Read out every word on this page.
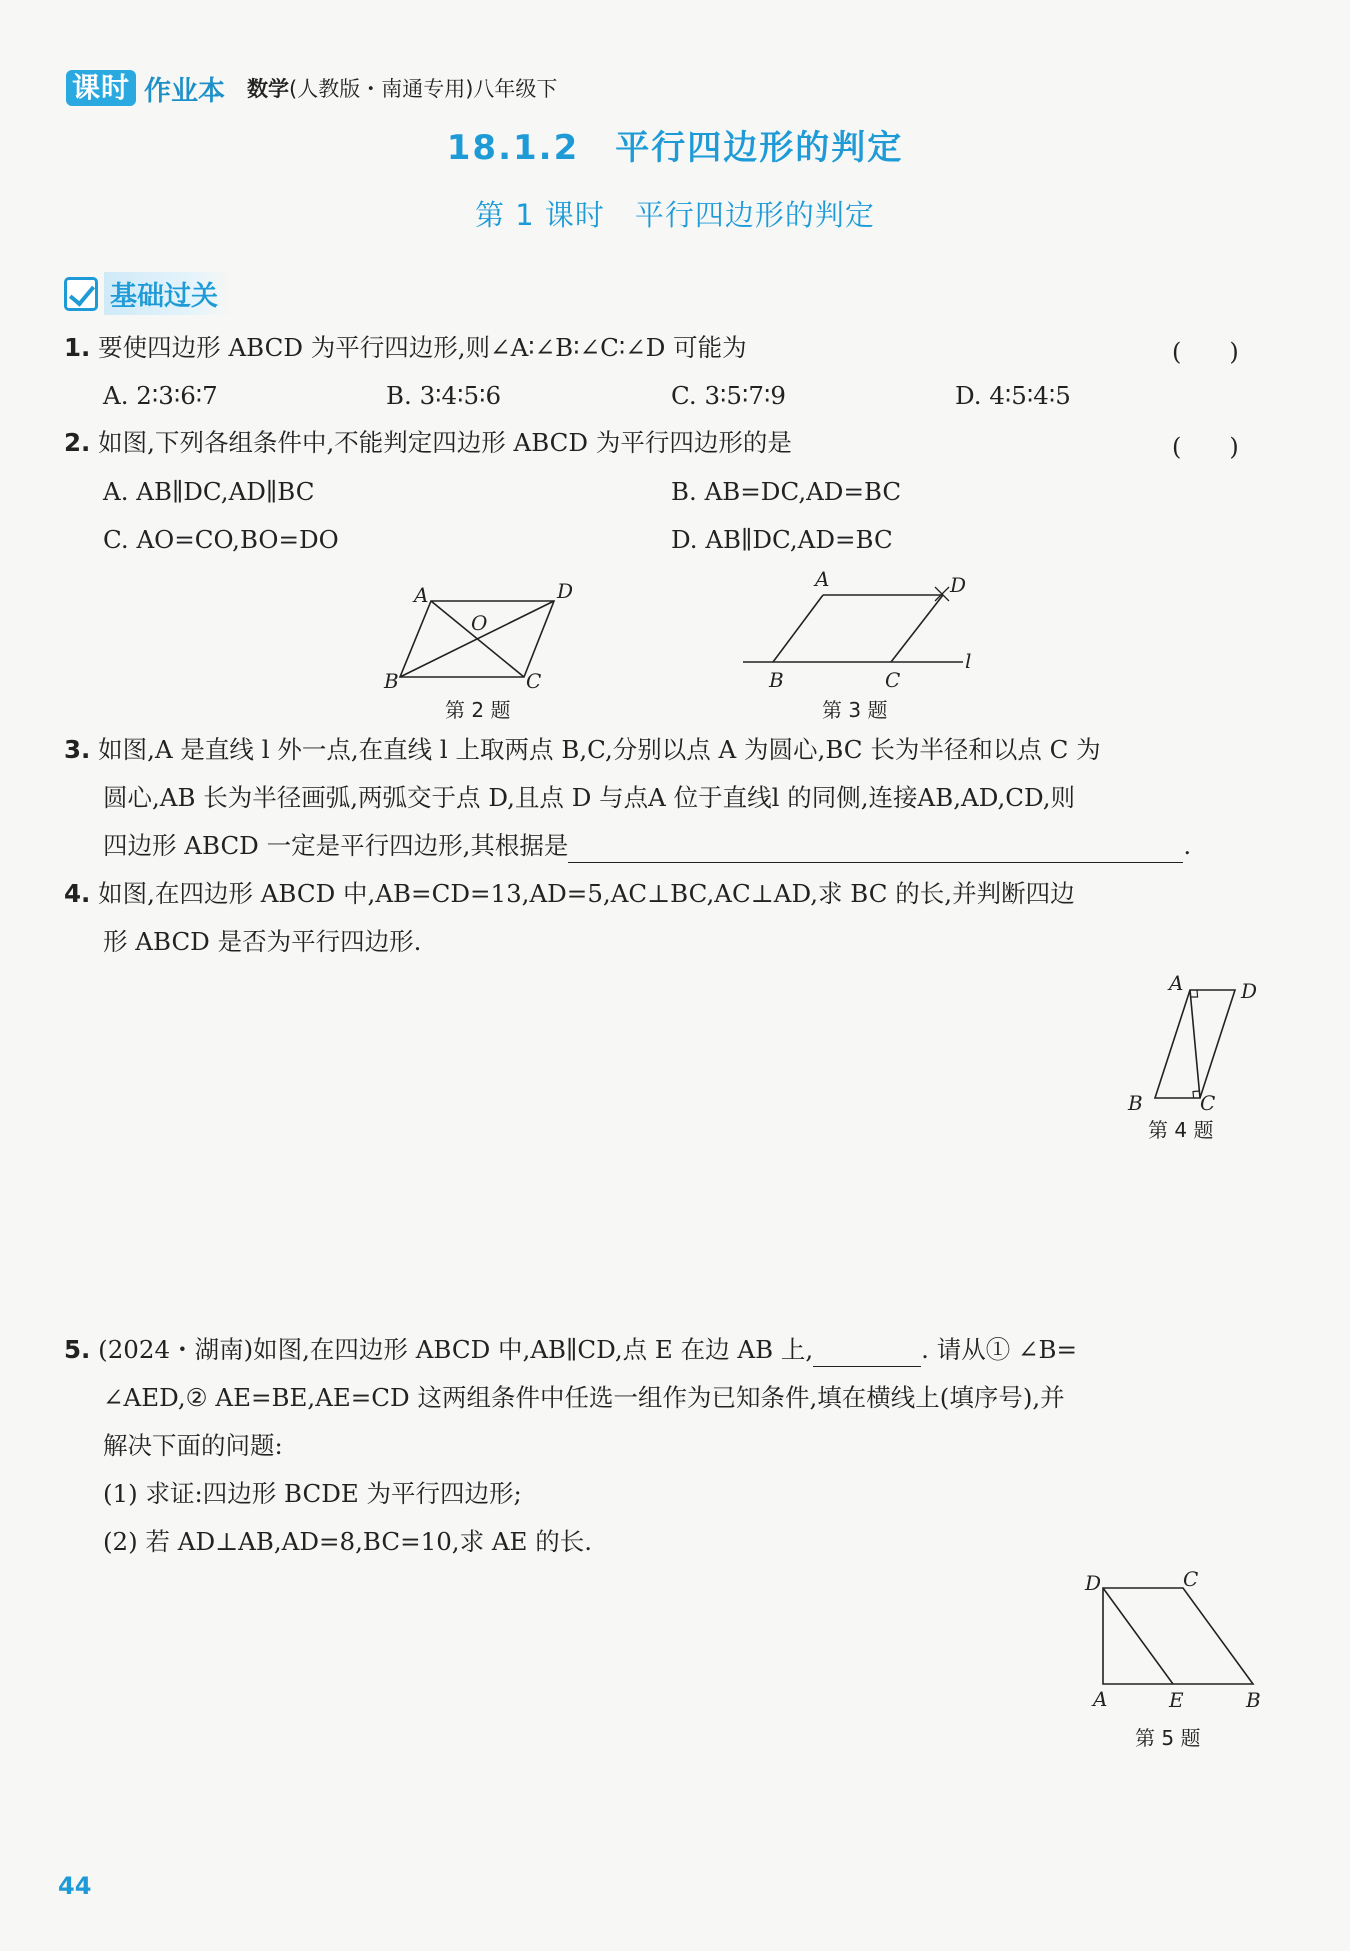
课时 作业本 数学(人教版・南通专用)八年级下
18.1.2　平行四边形的判定
第 1 课时　平行四边形的判定
基础过关
1. 要使四边形 ABCD 为平行四边形,则∠A∶∠B∶∠C∶∠D 可能为	(　　)
A. 2∶3∶6∶7	B. 3∶4∶5∶6	C. 3∶5∶7∶9	D. 4∶5∶4∶5
2. 如图,下列各组条件中,不能判定四边形 ABCD 为平行四边形的是	(　　)
A. AB∥DC,AD∥BC	B. AB=DC,AD=BC
C. AO=CO,BO=DO	D. AB∥DC,AD=BC
A	D
B	C
O
第 2 题
A	D
B	C
l
第 3 题
3. 如图,A 是直线 l 外一点,在直线 l 上取两点 B,C,分别以点 A 为圆心,BC 长为半径和以点 C 为
圆心,AB 长为半径画弧,两弧交于点 D,且点 D 与点A 位于直线l 的同侧,连接AB,AD,CD,则
四边形 ABCD 一定是平行四边形,其根据是	.
4. 如图,在四边形 ABCD 中,AB=CD=13,AD=5,AC⊥BC,AC⊥AD,求 BC 的长,并判断四边
形 ABCD 是否为平行四边形.
A	D
B	C
第 4 题
5. (2024・湖南)如图,在四边形 ABCD 中,AB∥CD,点 E 在边 AB 上,	. 请从① ∠B=
∠AED,② AE=BE,AE=CD 这两组条件中任选一组作为已知条件,填在横线上(填序号),并
解决下面的问题:
(1) 求证:四边形 BCDE 为平行四边形;
(2) 若 AD⊥AB,AD=8,BC=10,求 AE 的长.
D	C
A	E	B
第 5 题
44
